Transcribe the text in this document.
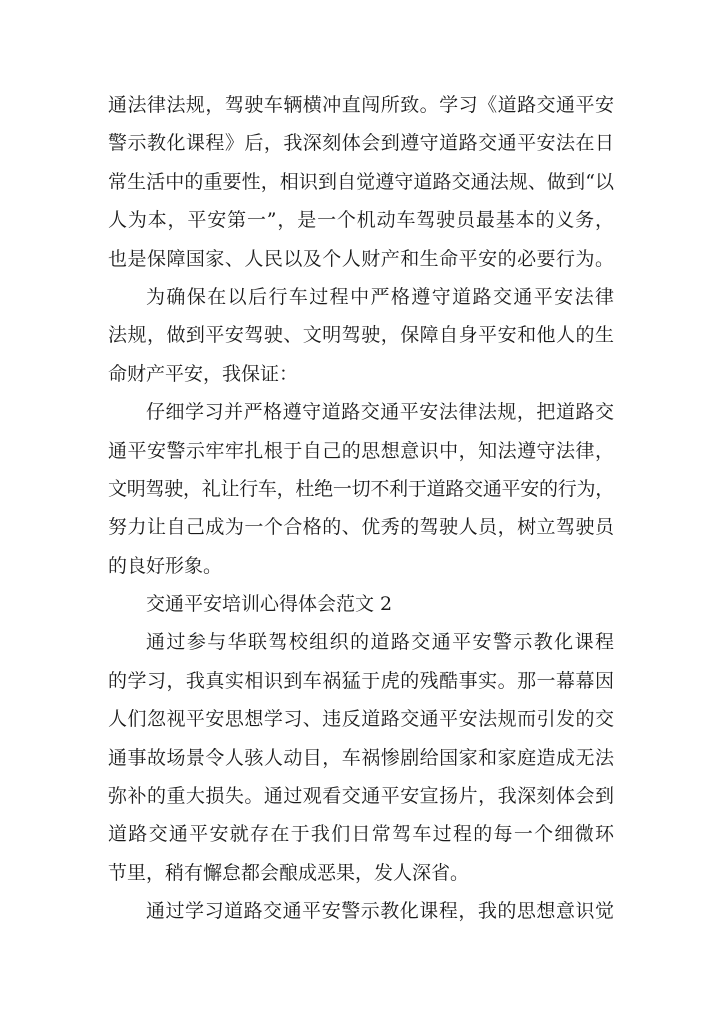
通法律法规，驾驶车辆横冲直闯所致。学习《道路交通平安
警示教化课程》后，我深刻体会到遵守道路交通平安法在日
常生活中的重要性，相识到自觉遵守道路交通法规、做到“以
人为本，平安第一”，是一个机动车驾驶员最基本的义务，
也是保障国家、人民以及个人财产和生命平安的必要行为。
为确保在以后行车过程中严格遵守道路交通平安法律
法规，做到平安驾驶、文明驾驶，保障自身平安和他人的生
命财产平安，我保证：
仔细学习并严格遵守道路交通平安法律法规，把道路交
通平安警示牢牢扎根于自己的思想意识中，知法遵守法律，
文明驾驶，礼让行车，杜绝一切不利于道路交通平安的行为，
努力让自己成为一个合格的、优秀的驾驶人员，树立驾驶员
的良好形象。
交通平安培训心得体会范文 2
通过参与华联驾校组织的道路交通平安警示教化课程
的学习，我真实相识到车祸猛于虎的残酷事实。那一幕幕因
人们忽视平安思想学习、违反道路交通平安法规而引发的交
通事故场景令人骇人动目，车祸惨剧给国家和家庭造成无法
弥补的重大损失。通过观看交通平安宣扬片，我深刻体会到
道路交通平安就存在于我们日常驾车过程的每一个细微环
节里，稍有懈怠都会酿成恶果，发人深省。
通过学习道路交通平安警示教化课程，我的思想意识觉
